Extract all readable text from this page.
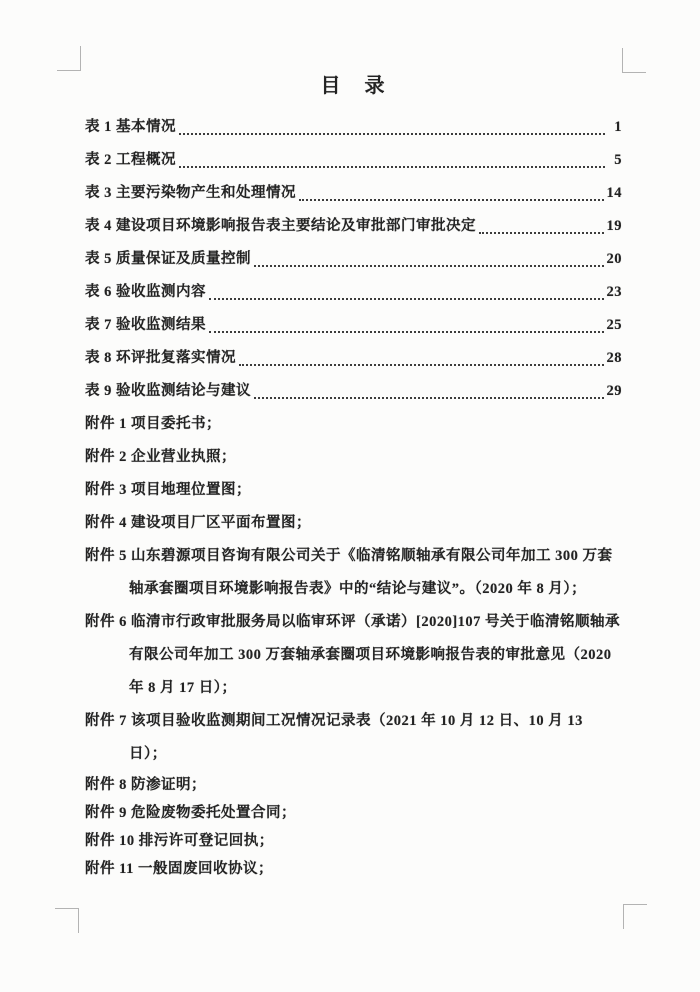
目　录
表 1 基本情况	1
表 2 工程概况	5
表 3 主要污染物产生和处理情况	14
表 4 建设项目环境影响报告表主要结论及审批部门审批决定	19
表 5 质量保证及质量控制	20
表 6 验收监测内容	23
表 7 验收监测结果	25
表 8 环评批复落实情况	28
表 9 验收监测结论与建议	29

附件 1 项目委托书；

附件 2 企业营业执照；

附件 3 项目地理位置图；

附件 4 建设项目厂区平面布置图；

附件 5 山东碧源项目咨询有限公司关于《临清铭顺轴承有限公司年加工 300 万套轴承套圈项目环境影响报告表》中的“结论与建议”。（2020 年 8 月）；

附件 6 临清市行政审批服务局以临审环评（承诺）[2020]107 号关于临清铭顺轴承有限公司年加工 300 万套轴承套圈项目环境影响报告表的审批意见（2020 年 8 月 17 日）；

附件 7 该项目验收监测期间工况情况记录表（2021 年 10 月 12 日、10 月 13 日）；

附件 8 防渗证明；

附件 9 危险废物委托处置合同；

附件 10 排污许可登记回执；

附件 11 一般固废回收协议；
